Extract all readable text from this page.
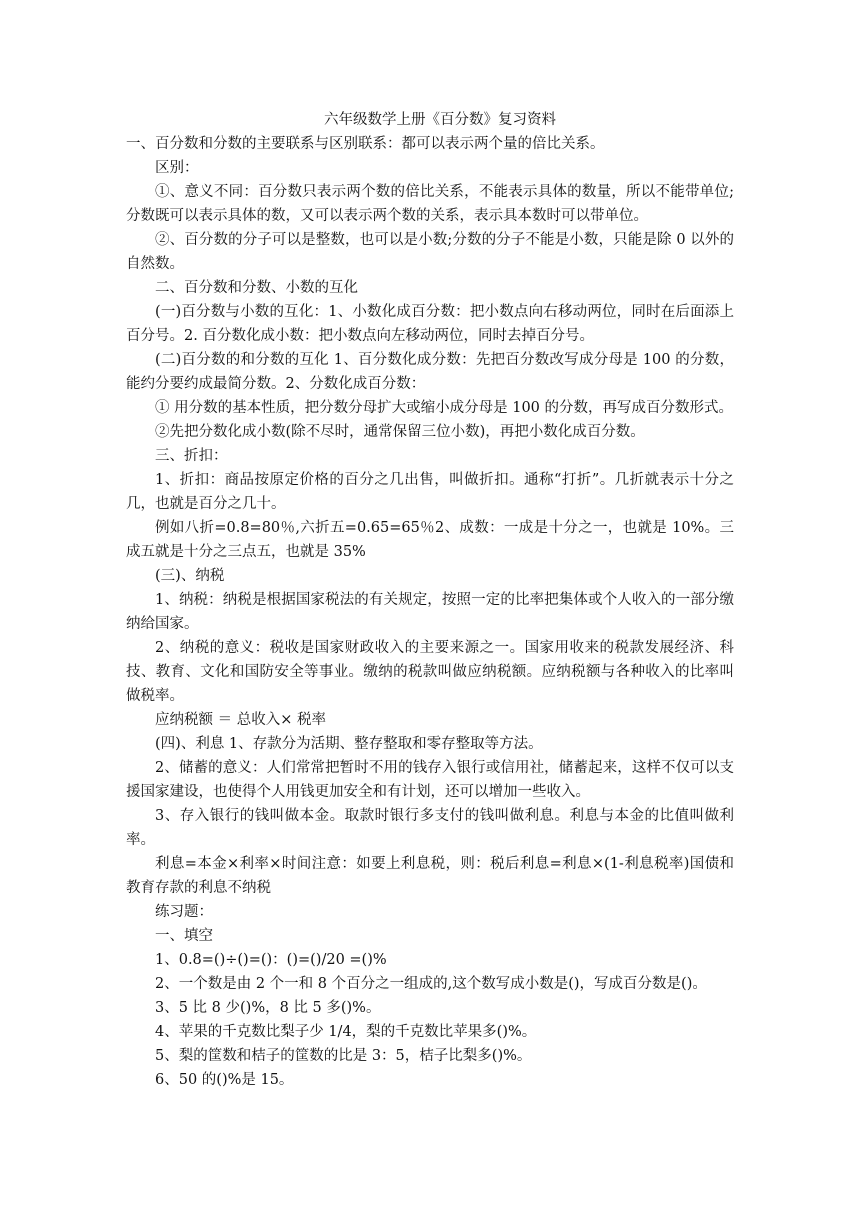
六年级数学上册《百分数》复习资料

一、百分数和分数的主要联系与区别联系：都可以表示两个量的倍比关系。

区别：

①、意义不同：百分数只表示两个数的倍比关系，不能表示具体的数量，所以不能带单位; 分数既可以表示具体的数，又可以表示两个数的关系，表示具本数时可以带单位。

②、百分数的分子可以是整数，也可以是小数;分数的分子不能是小数，只能是除 0 以外的自然数。

二、百分数和分数、小数的互化

(一)百分数与小数的互化：1、小数化成百分数：把小数点向右移动两位，同时在后面添上百分号。2. 百分数化成小数：把小数点向左移动两位，同时去掉百分号。

(二)百分数的和分数的互化 1、百分数化成分数：先把百分数改写成分母是 100 的分数，能约分要约成最简分数。2、分数化成百分数：

① 用分数的基本性质，把分数分母扩大或缩小成分母是 100 的分数，再写成百分数形式。

②先把分数化成小数(除不尽时，通常保留三位小数)，再把小数化成百分数。

三、折扣：

1、折扣：商品按原定价格的百分之几出售，叫做折扣。通称“打折”。几折就表示十分之几，也就是百分之几十。

例如八折=0.8=80％,六折五=0.65=65％2、成数：一成是十分之一，也就是 10%。三成五就是十分之三点五，也就是 35%

(三)、纳税

1、纳税：纳税是根据国家税法的有关规定，按照一定的比率把集体或个人收入的一部分缴纳给国家。

2、纳税的意义：税收是国家财政收入的主要来源之一。国家用收来的税款发展经济、科技、教育、文化和国防安全等事业。缴纳的税款叫做应纳税额。应纳税额与各种收入的比率叫做税率。

应纳税额 ＝ 总收入× 税率

(四)、利息 1、存款分为活期、整存整取和零存整取等方法。

2、储蓄的意义：人们常常把暂时不用的钱存入银行或信用社，储蓄起来，这样不仅可以支援国家建设，也使得个人用钱更加安全和有计划，还可以增加一些收入。

3、存入银行的钱叫做本金。取款时银行多支付的钱叫做利息。利息与本金的比值叫做利率。

利息=本金×利率×时间注意：如要上利息税，则：税后利息=利息×(1-利息税率)国债和教育存款的利息不纳税

练习题：

一、填空

1、0.8=()÷()=()：()=()/20 =()%

2、一个数是由 2 个一和 8 个百分之一组成的,这个数写成小数是()，写成百分数是()。

3、5 比 8 少()%，8 比 5 多()%。

4、苹果的千克数比梨子少 1/4，梨的千克数比苹果多()%。

5、梨的筐数和桔子的筐数的比是 3：5，桔子比梨多()%。

6、50 的()%是 15。
